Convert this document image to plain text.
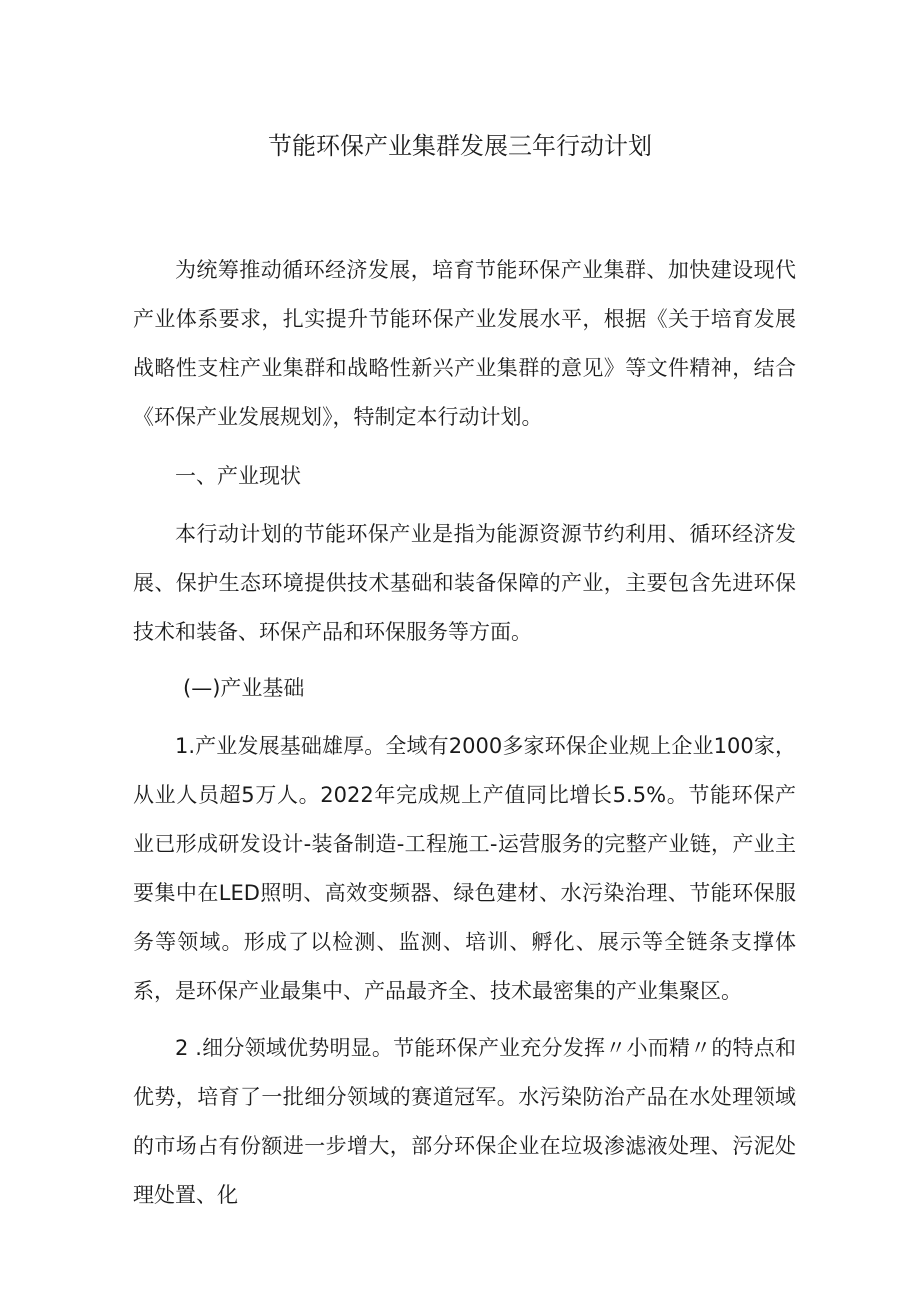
节能环保产业集群发展三年行动计划

为统筹推动循环经济发展，培育节能环保产业集群、加快建设现代产业体系要求，扎实提升节能环保产业发展水平，根据《关于培育发展战略性支柱产业集群和战略性新兴产业集群的意见》等文件精神，结合《环保产业发展规划》，特制定本行动计划。

一、产业现状

本行动计划的节能环保产业是指为能源资源节约利用、循环经济发展、保护生态环境提供技术基础和装备保障的产业，主要包含先进环保技术和装备、环保产品和环保服务等方面。

(—)产业基础

1.产业发展基础雄厚。全域有2000多家环保企业规上企业100家，从业人员超5万人。2022年完成规上产值同比增长5.5%。节能环保产业已形成研发设计-装备制造-工程施工-运营服务的完整产业链，产业主要集中在LED照明、高效变频器、绿色建材、水污染治理、节能环保服务等领域。形成了以检测、监测、培训、孵化、展示等全链条支撑体系，是环保产业最集中、产品最齐全、技术最密集的产业集聚区。

2 .细分领域优势明显。节能环保产业充分发挥〃小而精〃的特点和优势，培育了一批细分领域的赛道冠军。水污染防治产品在水处理领域的市场占有份额进一步增大，部分环保企业在垃圾渗滤液处理、污泥处理处置、化
